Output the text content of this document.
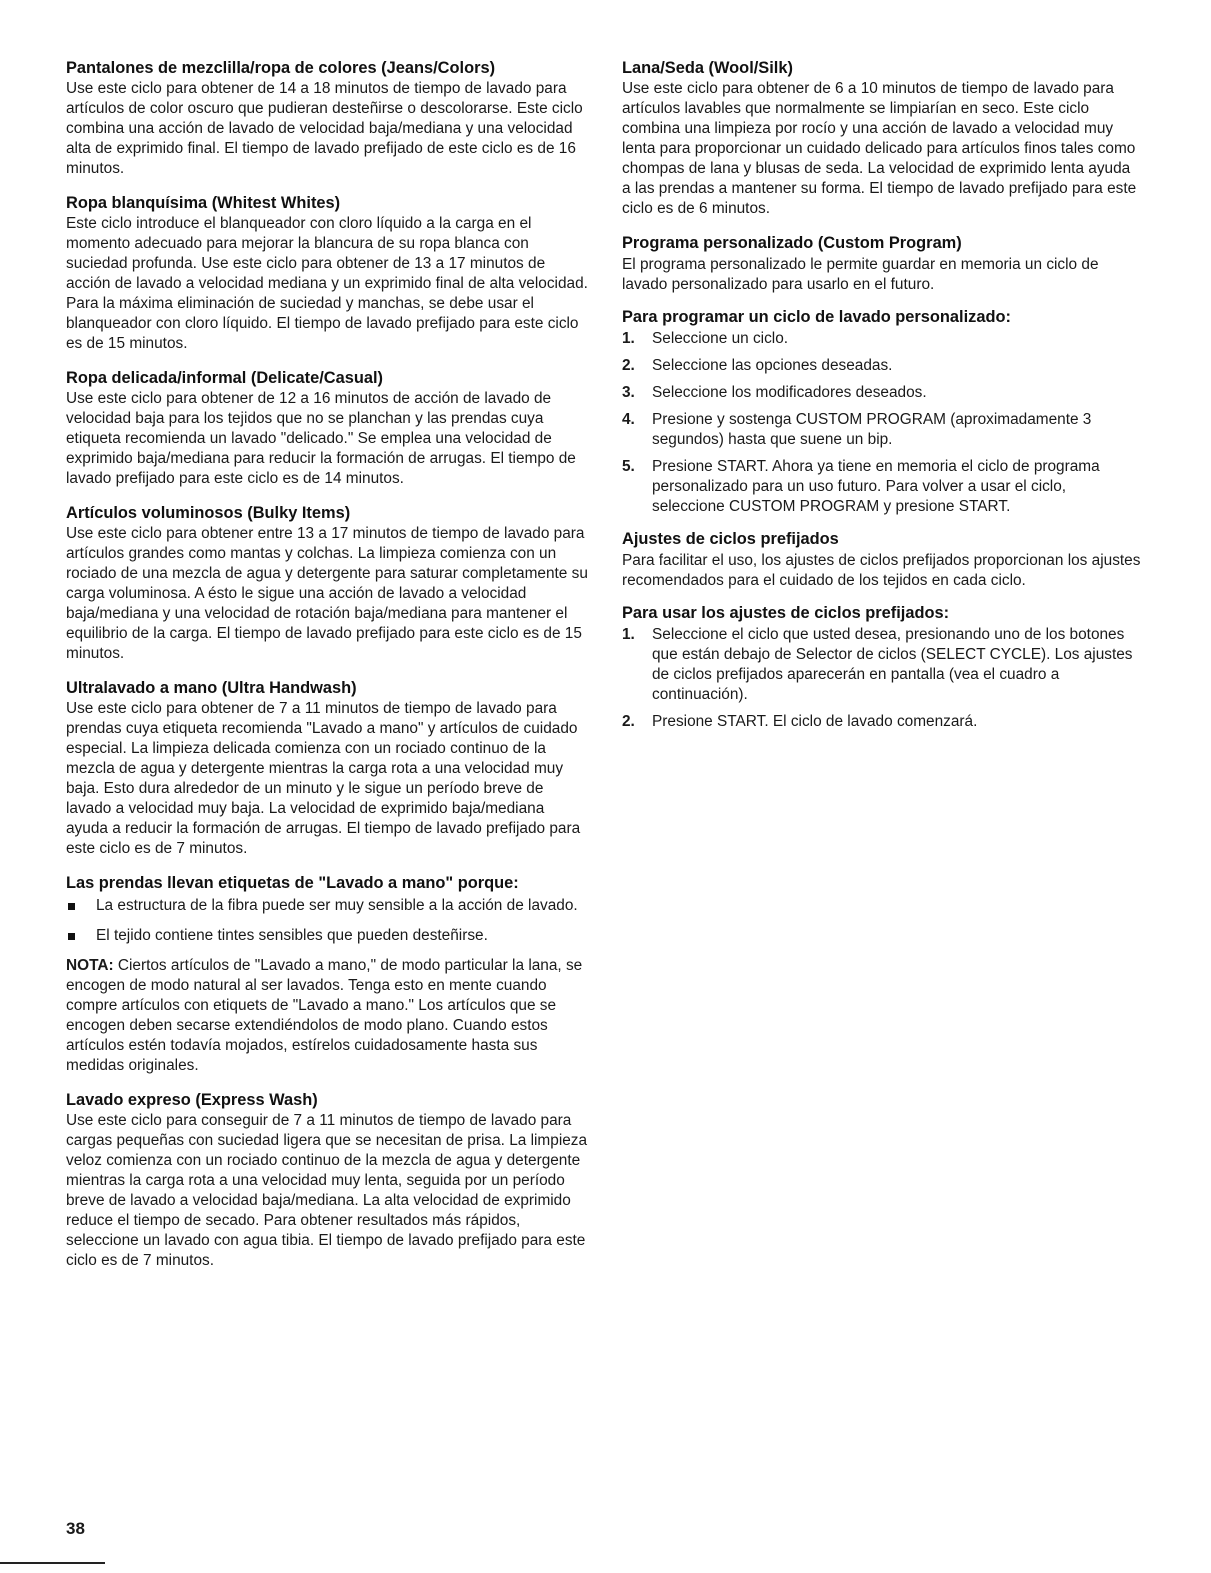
Pantalones de mezclilla/ropa de colores (Jeans/Colors)

Use este ciclo para obtener de 14 a 18 minutos de tiempo de lavado para artículos de color oscuro que pudieran desteñirse o descolorarse. Este ciclo combina una acción de lavado de velocidad baja/mediana y una velocidad alta de exprimido final. El tiempo de lavado prefijado de este ciclo es de 16 minutos.

Ropa blanquísima (Whitest Whites)

Este ciclo introduce el blanqueador con cloro líquido a la carga en el momento adecuado para mejorar la blancura de su ropa blanca con suciedad profunda. Use este ciclo para obtener de 13 a 17 minutos de acción de lavado a velocidad mediana y un exprimido final de alta velocidad. Para la máxima eliminación de suciedad y manchas, se debe usar el blanqueador con cloro líquido. El tiempo de lavado prefijado para este ciclo es de 15 minutos.

Ropa delicada/informal (Delicate/Casual)

Use este ciclo para obtener de 12 a 16 minutos de acción de lavado de velocidad baja para los tejidos que no se planchan y las prendas cuya etiqueta recomienda un lavado "delicado." Se emplea una velocidad de exprimido baja/mediana para reducir la formación de arrugas. El tiempo de lavado prefijado para este ciclo es de 14 minutos.

Artículos voluminosos (Bulky Items)

Use este ciclo para obtener entre 13 a 17 minutos de tiempo de lavado para artículos grandes como mantas y colchas. La limpieza comienza con un rociado de una mezcla de agua y detergente para saturar completamente su carga voluminosa. A ésto le sigue una acción de lavado a velocidad baja/mediana y una velocidad de rotación baja/mediana para mantener el equilibrio de la carga. El tiempo de lavado prefijado para este ciclo es de 15 minutos.

Ultralavado a mano (Ultra Handwash)

Use este ciclo para obtener de 7 a 11 minutos de tiempo de lavado para prendas cuya etiqueta recomienda "Lavado a mano" y artículos de cuidado especial. La limpieza delicada comienza con un rociado continuo de la mezcla de agua y detergente mientras la carga rota a una velocidad muy baja. Esto dura alrededor de un minuto y le sigue un período breve de lavado a velocidad muy baja. La velocidad de exprimido baja/mediana ayuda a reducir la formación de arrugas. El tiempo de lavado prefijado para este ciclo es de 7 minutos.

Las prendas llevan etiquetas de "Lavado a mano" porque:
La estructura de la fibra puede ser muy sensible a la acción de lavado.
El tejido contiene tintes sensibles que pueden desteñirse.

NOTA: Ciertos artículos de "Lavado a mano," de modo particular la lana, se encogen de modo natural al ser lavados. Tenga esto en mente cuando compre artículos con etiquets de "Lavado a mano." Los artículos que se encogen deben secarse extendiéndolos de modo plano. Cuando estos artículos estén todavía mojados, estírelos cuidadosamente hasta sus medidas originales.

Lavado expreso (Express Wash)

Use este ciclo para conseguir de 7 a 11 minutos de tiempo de lavado para cargas pequeñas con suciedad ligera que se necesitan de prisa. La limpieza veloz comienza con un rociado continuo de la mezcla de agua y detergente mientras la carga rota a una velocidad muy lenta, seguida por un período breve de lavado a velocidad baja/mediana. La alta velocidad de exprimido reduce el tiempo de secado. Para obtener resultados más rápidos, seleccione un lavado con agua tibia. El tiempo de lavado prefijado para este ciclo es de 7 minutos.

Lana/Seda (Wool/Silk)

Use este ciclo para obtener de 6 a 10 minutos de tiempo de lavado para artículos lavables que normalmente se limpiarían en seco. Este ciclo combina una limpieza por rocío y una acción de lavado a velocidad muy lenta para proporcionar un cuidado delicado para artículos finos tales como chompas de lana y blusas de seda. La velocidad de exprimido lenta ayuda a las prendas a mantener su forma. El tiempo de lavado prefijado para este ciclo es de 6 minutos.

Programa personalizado (Custom Program)

El programa personalizado le permite guardar en memoria un ciclo de lavado personalizado para usarlo en el futuro.

Para programar un ciclo de lavado personalizado:
1. Seleccione un ciclo.
2. Seleccione las opciones deseadas.
3. Seleccione los modificadores deseados.
4. Presione y sostenga CUSTOM PROGRAM (aproximadamente 3 segundos) hasta que suene un bip.
5. Presione START. Ahora ya tiene en memoria el ciclo de programa personalizado para un uso futuro. Para volver a usar el ciclo, seleccione CUSTOM PROGRAM y presione START.
Ajustes de ciclos prefijados

Para facilitar el uso, los ajustes de ciclos prefijados proporcionan los ajustes recomendados para el cuidado de los tejidos en cada ciclo.

Para usar los ajustes de ciclos prefijados:
1. Seleccione el ciclo que usted desea, presionando uno de los botones que están debajo de Selector de ciclos (SELECT CYCLE). Los ajustes de ciclos prefijados aparecerán en pantalla (vea el cuadro a continuación).
2. Presione START. El ciclo de lavado comenzará.
38
